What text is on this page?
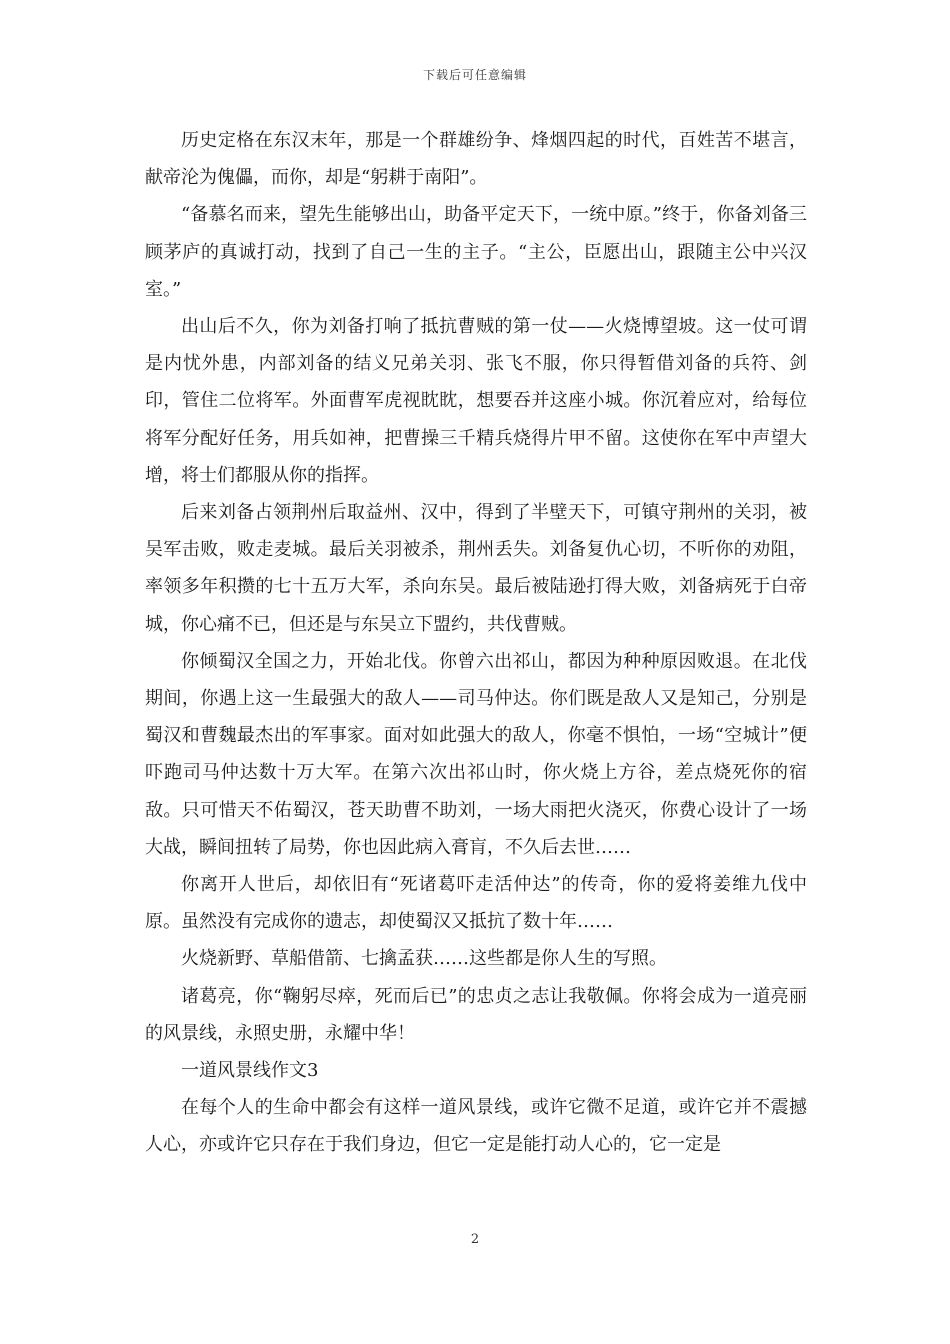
下载后可任意编辑

历史定格在东汉末年，那是一个群雄纷争、烽烟四起的时代，百姓苦不堪言，献帝沦为傀儡，而你，却是“躬耕于南阳”。

“备慕名而来，望先生能够出山，助备平定天下，一统中原。”终于，你备刘备三顾茅庐的真诚打动，找到了自己一生的主子。“主公，臣愿出山，跟随主公中兴汉室。”

出山后不久，你为刘备打响了抵抗曹贼的第一仗——火烧博望坡。这一仗可谓是内忧外患，内部刘备的结义兄弟关羽、张飞不服，你只得暂借刘备的兵符、剑印，管住二位将军。外面曹军虎视眈眈，想要吞并这座小城。你沉着应对，给每位将军分配好任务，用兵如神，把曹操三千精兵烧得片甲不留。这使你在军中声望大增，将士们都服从你的指挥。

后来刘备占领荆州后取益州、汉中，得到了半壁天下，可镇守荆州的关羽，被吴军击败，败走麦城。最后关羽被杀，荆州丢失。刘备复仇心切，不听你的劝阻，率领多年积攒的七十五万大军，杀向东吴。最后被陆逊打得大败，刘备病死于白帝城，你心痛不已，但还是与东吴立下盟约，共伐曹贼。

你倾蜀汉全国之力，开始北伐。你曾六出祁山，都因为种种原因败退。在北伐期间，你遇上这一生最强大的敌人——司马仲达。你们既是敌人又是知己，分别是蜀汉和曹魏最杰出的军事家。面对如此强大的敌人，你毫不惧怕，一场“空城计”便吓跑司马仲达数十万大军。在第六次出祁山时，你火烧上方谷，差点烧死你的宿敌。只可惜天不佑蜀汉，苍天助曹不助刘，一场大雨把火浇灭，你费心设计了一场大战，瞬间扭转了局势，你也因此病入膏肓，不久后去世……

你离开人世后，却依旧有“死诸葛吓走活仲达”的传奇，你的爱将姜维九伐中原。虽然没有完成你的遗志，却使蜀汉又抵抗了数十年……

火烧新野、草船借箭、七擒孟获……这些都是你人生的写照。

诸葛亮，你“鞠躬尽瘁，死而后已”的忠贞之志让我敬佩。你将会成为一道亮丽的风景线，永照史册，永耀中华！

一道风景线作文3

在每个人的生命中都会有这样一道风景线，或许它微不足道，或许它并不震撼人心，亦或许它只存在于我们身边，但它一定是能打动人心的，它一定是

2
